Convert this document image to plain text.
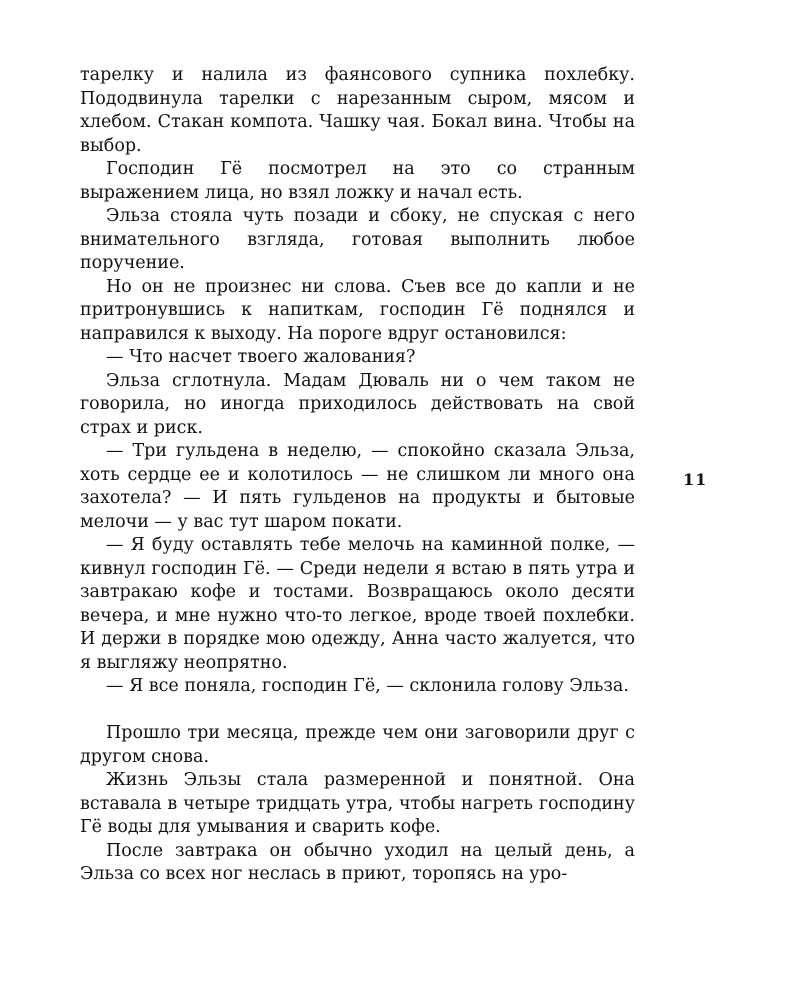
тарелку и налила из фаянсового супника похлебку. Пододвинула тарелки с нарезанным сыром, мясом и хлебом. Стакан компота. Чашку чая. Бокал вина. Чтобы на выбор.

Господин Гё посмотрел на это со странным выражением лица, но взял ложку и начал есть.

Эльза стояла чуть позади и сбоку, не спуская с него внимательного взгляда, готовая выполнить любое поручение.

Но он не произнес ни слова. Съев все до капли и не притронувшись к напиткам, господин Гё поднялся и направился к выходу. На пороге вдруг остановился:

— Что насчет твоего жалования?

Эльза сглотнула. Мадам Дюваль ни о чем таком не говорила, но иногда приходилось действовать на свой страх и риск.

— Три гульдена в неделю, — спокойно сказала Эльза, хоть сердце ее и колотилось — не слишком ли много она захотела? — И пять гульденов на продукты и бытовые мелочи — у вас тут шаром покати.

— Я буду оставлять тебе мелочь на каминной полке, — кивнул господин Гё. — Среди недели я встаю в пять утра и завтракаю кофе и тостами. Возвращаюсь около десяти вечера, и мне нужно что-то легкое, вроде твоей похлебки. И держи в порядке мою одежду, Анна часто жалуется, что я выгляжу неопрятно.

— Я все поняла, господин Гё, — склонила голову Эльза.

Прошло три месяца, прежде чем они заговорили друг с другом снова.

Жизнь Эльзы стала размеренной и понятной. Она вставала в четыре тридцать утра, чтобы нагреть господину Гё воды для умывания и сварить кофе.

После завтрака он обычно уходил на целый день, а Эльза со всех ног неслась в приют, торопясь на уро-

11
